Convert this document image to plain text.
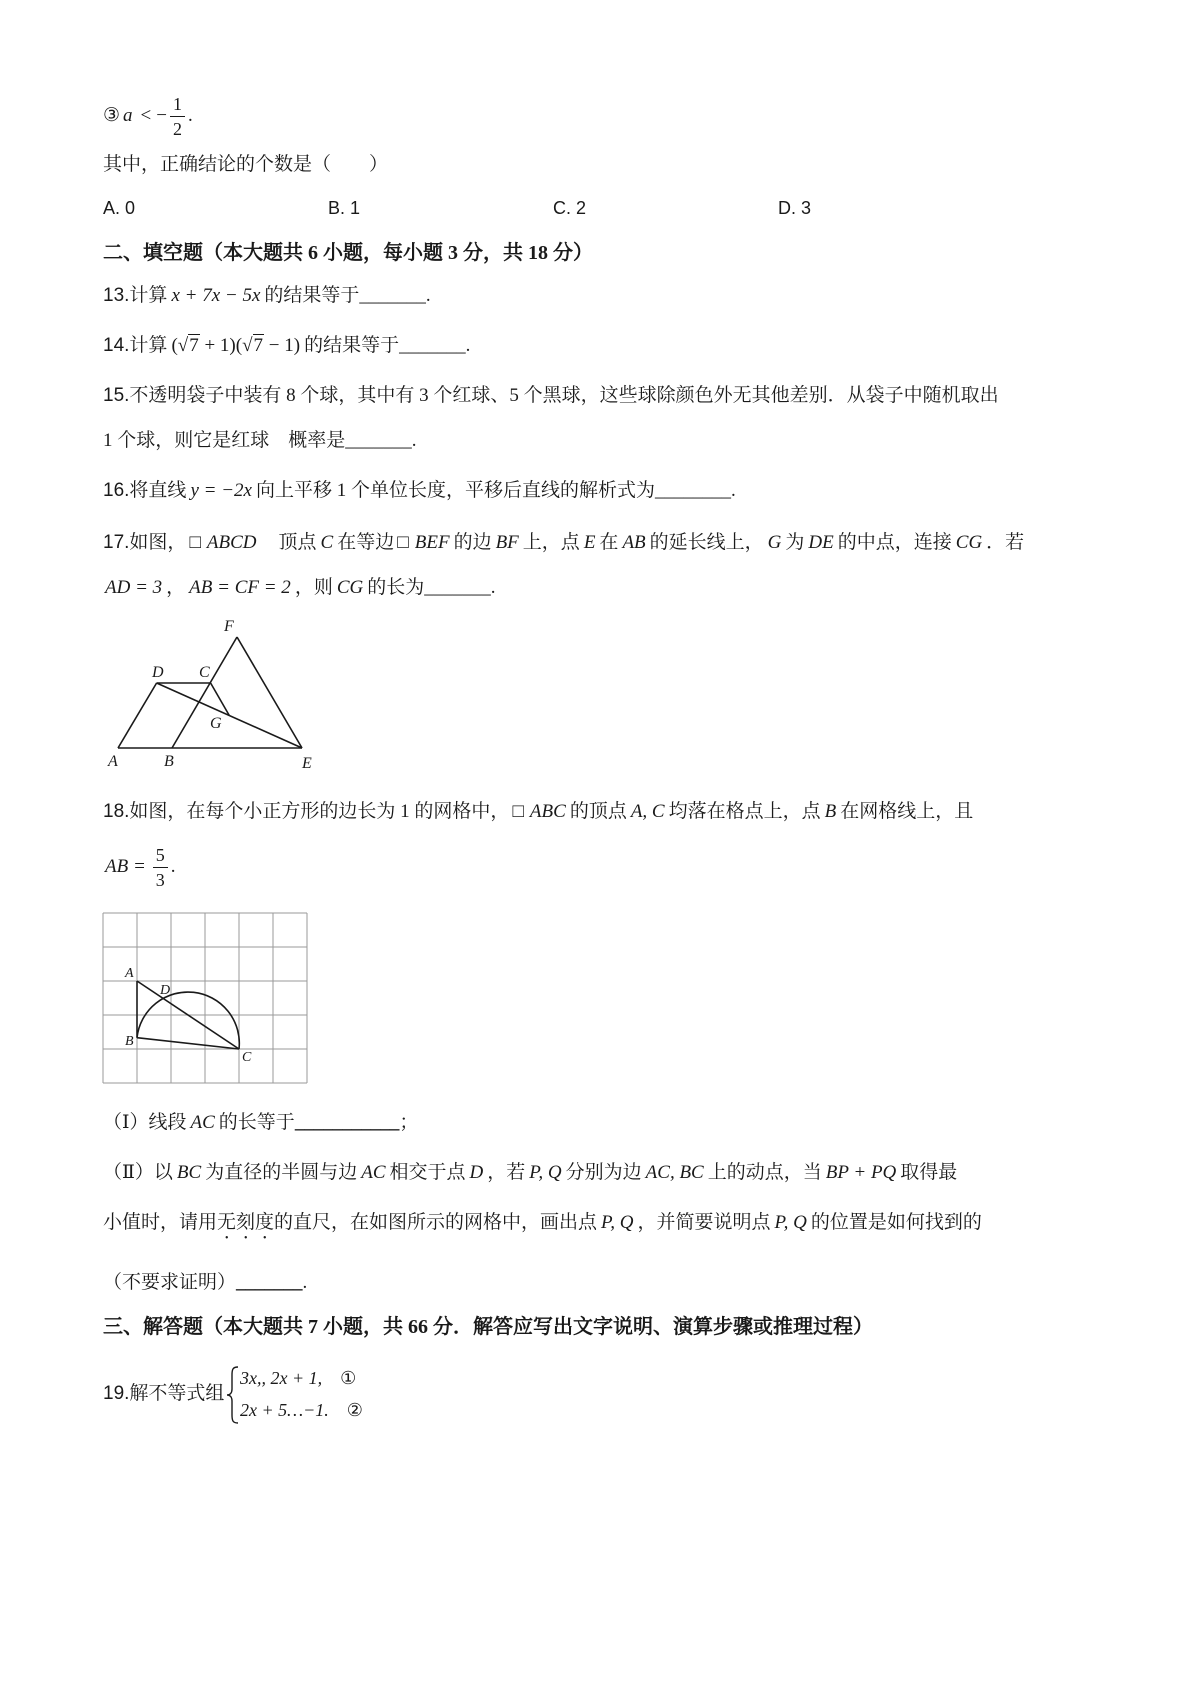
③ a < − $\frac{1}{2}$ .
其中，正确结论的个数是（　　）
A. 0	B. 1	C. 2	D. 3
二、填空题（本大题共 6 小题，每小题 3 分，共 18 分）
13.计算 x + 7x − 5x 的结果等于_______.
14.计算 (√7 + 1)(√7 − 1) 的结果等于_______.
15.不透明袋子中装有 8 个球，其中有 3 个红球、5 个黑球，这些球除颜色外无其他差别．从袋子中随机取出
1 个球，则它是红球　概率是_______.
16.将直线 y = −2x 向上平移 1 个单位长度，平移后直线的解析式为________.
17.如图， □ ABCD 顶点 C 在等边 □ BEF 的边 BF 上，点 E 在 AB 的延长线上， G 为 DE 的中点，连接 CG ．若
AD = 3 ， AB = CF = 2 ，则 CG 的长为_______.
F
D C
G
A	B	E
18.如图，在每个小正方形的边长为 1 的网格中， □ ABC 的顶点 A, C 均落在格点上，点 B 在网格线上，且
AB = $\frac{5}{3}$ .
A
D
B
C
（Ⅰ）线段 AC 的长等于___________；
（Ⅱ）以 BC 为直径的半圆与边 AC 相交于点 D ，若 P, Q 分别为边 AC, BC 上的动点，当 BP + PQ 取得最
小值时，请用无刻度的直尺，在如图所示的网格中，画出点 P, Q ，并简要说明点 P, Q 的位置是如何找到的
（不要求证明）_______.
三、解答题（本大题共 7 小题，共 66 分．解答应写出文字说明、演算步骤或推理过程）
19.解不等式组
3x,, 2x + 1, ①
2x + 5…−1. ②
